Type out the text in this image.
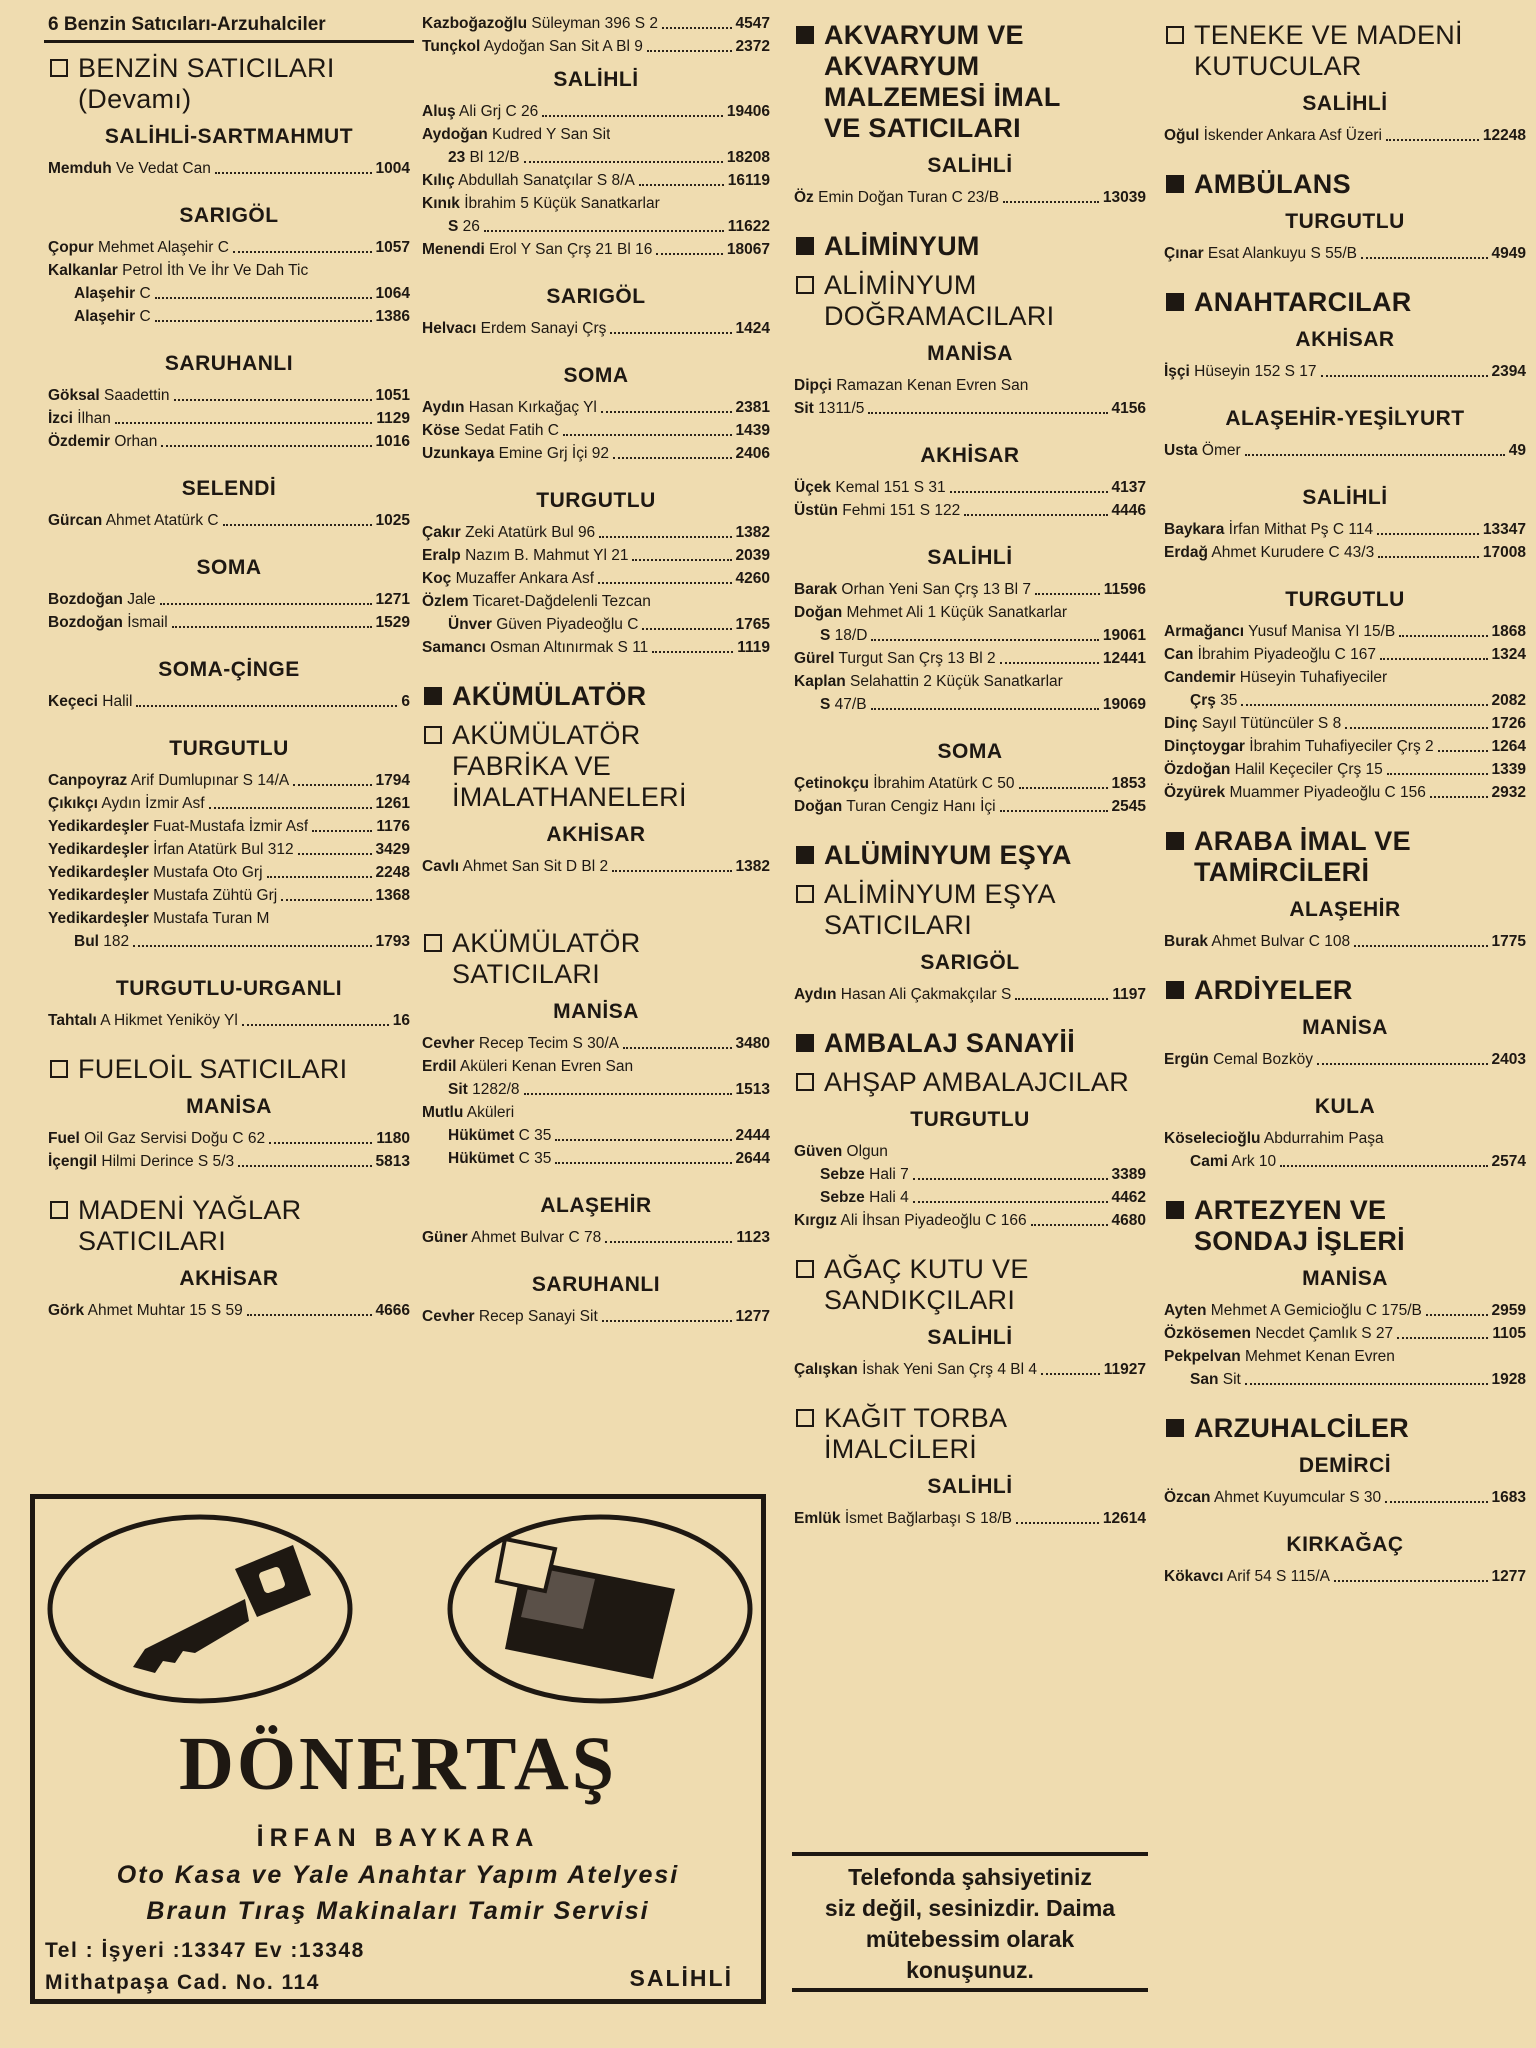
6 Benzin Satıcıları-Arzuhalciler
BENZİN SATICILARI
(Devamı)
SALİHLİ-SARTMAHMUT
Memduh Ve Vedat Can	1004
SARIGÖL
Çopur Mehmet Alaşehir C	1057
Kalkanlar Petrol İth Ve İhr Ve Dah Tic
Alaşehir C	1064
Alaşehir C	1386
SARUHANLI
Göksal Saadettin	1051
İzci İlhan	1129
Özdemir Orhan	1016
SELENDİ
Gürcan Ahmet Atatürk C	1025
SOMA
Bozdoğan Jale	1271
Bozdoğan İsmail	1529
SOMA-ÇİNGE
Keçeci Halil	6
TURGUTLU
Canpoyraz Arif Dumlupınar S 14/A	1794
Çıkıkçı Aydın İzmir Asf	1261
Yedikardeşler Fuat-Mustafa İzmir Asf	1176
Yedikardeşler İrfan Atatürk Bul 312	3429
Yedikardeşler Mustafa Oto Grj	2248
Yedikardeşler Mustafa Zühtü Grj	1368
Yedikardeşler Mustafa Turan M
Bul 182	1793
TURGUTLU-URGANLI
Tahtalı A Hikmet Yeniköy Yl	16
FUELOİL SATICILARI
MANİSA
Fuel Oil Gaz Servisi Doğu C 62	1180
İçengil Hilmi Derince S 5/3	5813
MADENİ YAĞLAR
SATICILARI
AKHİSAR
Görk Ahmet Muhtar 15 S 59	4666
Kazboğazoğlu Süleyman 396 S 2	4547
Tunçkol Aydoğan San Sit A Bl 9	2372
SALİHLİ
Aluş Ali Grj C 26	19406
Aydoğan Kudred Y San Sit
23 Bl 12/B	18208
Kılıç Abdullah Sanatçılar S 8/A	16119
Kınık İbrahim 5 Küçük Sanatkarlar
S 26	11622
Menendi Erol Y San Çrş 21 Bl 16	18067
SARIGÖL
Helvacı Erdem Sanayi Çrş	1424
SOMA
Aydın Hasan Kırkağaç Yl	2381
Köse Sedat Fatih C	1439
Uzunkaya Emine Grj İçi 92	2406
TURGUTLU
Çakır Zeki Atatürk Bul 96	1382
Eralp Nazım B. Mahmut Yl 21	2039
Koç Muzaffer Ankara Asf	4260
Özlem Ticaret-Dağdelenli Tezcan
Ünver Güven Piyadeoğlu C	1765
Samancı Osman Altınırmak S 11	1119
AKÜMÜLATÖR
AKÜMÜLATÖR
FABRİKA VE
İMALATHANELERİ
AKHİSAR
Cavlı Ahmet San Sit D Bl 2	1382
AKÜMÜLATÖR
SATICILARI
MANİSA
Cevher Recep Tecim S 30/A	3480
Erdil Aküleri Kenan Evren San
Sit 1282/8	1513
Mutlu Aküleri
Hükümet C 35	2444
Hükümet C 35	2644
ALAŞEHİR
Güner Ahmet Bulvar C 78	1123
SARUHANLI
Cevher Recep Sanayi Sit	1277
AKVARYUM VE
AKVARYUM
MALZEMESİ İMAL
VE SATICILARI
SALİHLİ
Öz Emin Doğan Turan C 23/B	13039
ALİMİNYUM
ALİMİNYUM
DOĞRAMACILARI
MANİSA
Dipçi Ramazan Kenan Evren San
Sit 1311/5	4156
AKHİSAR
Üçek Kemal 151 S 31	4137
Üstün Fehmi 151 S 122	4446
SALİHLİ
Barak Orhan Yeni San Çrş 13 Bl 7	11596
Doğan Mehmet Ali 1 Küçük Sanatkarlar
S 18/D	19061
Gürel Turgut San Çrş 13 Bl 2	12441
Kaplan Selahattin 2 Küçük Sanatkarlar
S 47/B	19069
SOMA
Çetinokçu İbrahim Atatürk C 50	1853
Doğan Turan Cengiz Hanı İçi	2545
ALÜMİNYUM EŞYA
ALİMİNYUM EŞYA
SATICILARI
SARIGÖL
Aydın Hasan Ali Çakmakçılar S	1197
AMBALAJ SANAYİİ
AHŞAP AMBALAJCILAR
TURGUTLU
Güven Olgun
Sebze Hali 7	3389
Sebze Hali 4	4462
Kırgız Ali İhsan Piyadeoğlu C 166	4680
AĞAÇ KUTU VE
SANDIKÇILARI
SALİHLİ
Çalışkan İshak Yeni San Çrş 4 Bl 4	11927
KAĞIT TORBA
İMALCİLERİ
SALİHLİ
Emlük İsmet Bağlarbaşı S 18/B	12614
TENEKE VE MADENİ
KUTUCULAR
SALİHLİ
Oğul İskender Ankara Asf Üzeri	12248
AMBÜLANS
TURGUTLU
Çınar Esat Alankuyu S 55/B	4949
ANAHTARCILAR
AKHİSAR
İşçi Hüseyin 152 S 17	2394
ALAŞEHİR-YEŞİLYURT
Usta Ömer	49
SALİHLİ
Baykara İrfan Mithat Pş C 114	13347
Erdağ Ahmet Kurudere C 43/3	17008
TURGUTLU
Armağancı Yusuf Manisa Yl 15/B	1868
Can İbrahim Piyadeoğlu C 167	1324
Candemir Hüseyin Tuhafiyeciler
Çrş 35	2082
Dinç Sayıl Tütüncüler S 8	1726
Dinçtoygar İbrahim Tuhafiyeciler Çrş 2	1264
Özdoğan Halil Keçeciler Çrş 15	1339
Özyürek Muammer Piyadeoğlu C 156	2932
ARABA İMAL VE
TAMİRCİLERİ
ALAŞEHİR
Burak Ahmet Bulvar C 108	1775
ARDİYELER
MANİSA
Ergün Cemal Bozköy	2403
KULA
Köselecioğlu Abdurrahim Paşa
Cami Ark 10	2574
ARTEZYEN VE
SONDAJ İŞLERİ
MANİSA
Ayten Mehmet A Gemicioğlu C 175/B	2959
Özkösemen Necdet Çamlık S 27	1105
Pekpelvan Mehmet Kenan Evren
San Sit	1928
ARZUHALCİLER
DEMİRCİ
Özcan Ahmet Kuyumcular S 30	1683
KIRKAĞAÇ
Kökavcı Arif 54 S 115/A	1277
DÖNERTAŞ
İRFAN BAYKARA
Oto Kasa ve Yale Anahtar Yapım Atelyesi
Braun Tıraş Makinaları Tamir Servisi
Tel : İşyeri :13347 Ev :13348
Mithatpaşa Cad. No. 114	SALİHLİ
Telefonda şahsiyetiniz
siz değil, sesinizdir. Daima
mütebessim olarak
konuşunuz.
